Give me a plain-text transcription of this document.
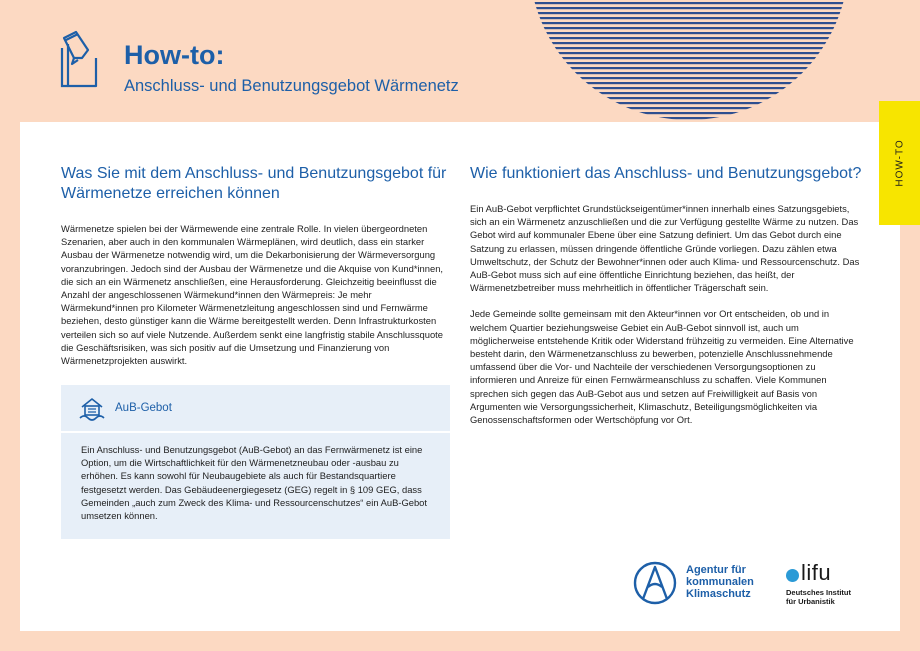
How-to:
Anschluss- und Benutzungsgebot Wärmenetz
HOW-TO
Was Sie mit dem Anschluss- und Benutzungsgebot für Wärmenetze erreichen können

Wärmenetze spielen bei der Wärmewende eine zentrale Rolle. In vielen übergeordneten Szenarien, aber auch in den kommunalen Wärmeplänen, wird deutlich, dass ein starker Ausbau der Wärmenetze notwendig wird, um die Dekarbonisierung der Wärmeversorgung voranzubringen. Jedoch sind der Ausbau der Wärmenetze und die Akquise von Kund*innen, die sich an ein Wärmenetz anschließen, eine Herausforderung. Gleichzeitig beeinflusst die Anzahl der angeschlossenen Wärmekund*innen den Wärmepreis: Je mehr Wärmekund*innen pro Kilometer Wärmenetzleitung angeschlossen sind und Fernwärme beziehen, desto günstiger kann die Wärme bereitgestellt werden. Denn Infrastrukturkosten verteilen sich so auf viele Nutzende. Außerdem senkt eine langfristig stabile Anschlussquote die Geschäftsrisiken, was sich positiv auf die Umsetzung und Finanzierung von Wärmenetzprojekten auswirkt.

AuB-Gebot
Ein Anschluss- und Benutzungsgebot (AuB-Gebot) an das Fernwärmenetz ist eine Option, um die Wirtschaftlichkeit für den Wärmenetzneubau oder -ausbau zu erhöhen. Es kann sowohl für Neubaugebiete als auch für Bestandsquartiere festgesetzt werden. Das Gebäudeenergiegesetz (GEG) regelt in § 109 GEG, dass Gemeinden „auch zum Zweck des Klima- und Ressourcenschutzes“ ein AuB-Gebot umsetzen können.
Wie funktioniert das Anschluss- und Benutzungsgebot?

Ein AuB-Gebot verpflichtet Grundstückseigentümer*innen innerhalb eines Satzungsgebiets, sich an ein Wärmenetz anzuschließen und die zur Verfügung gestellte Wärme zu nutzen. Das Gebot wird auf kommunaler Ebene über eine Satzung definiert. Um das Gebot durch eine Satzung zu erlassen, müssen dringende öffentliche Gründe vorliegen. Dazu zählen etwa Umweltschutz, der Schutz der Bewohner*innen oder auch Klima- und Ressourcenschutz. Das AuB-Gebot muss sich auf eine öffentliche Einrichtung beziehen, das heißt, der Wärmenetzbetreiber muss mehrheitlich in öffentlicher Trägerschaft sein.

Jede Gemeinde sollte gemeinsam mit den Akteur*innen vor Ort entscheiden, ob und in welchem Quartier beziehungsweise Gebiet ein AuB-Gebot sinnvoll ist, auch um möglicherweise entstehende Kritik oder Widerstand frühzeitig zu vermeiden. Eine Alternative besteht darin, den Wärmenetzanschluss zu bewerben, potenzielle Anschlussnehmende umfassend über die Vor- und Nachteile der verschiedenen Versorgungsoptionen zu informieren und Anreize für einen Fernwärmeanschluss zu schaffen. Viele Kommunen sprechen sich gegen das AuB-Gebot aus und setzen auf Freiwilligkeit auf Basis von Argumenten wie Versorgungssicherheit, Klimaschutz, Beteiligungsmöglichkeiten via Genossenschaftsformen oder Wertschöpfung vor Ort.

Agentur für
kommunalen
Klimaschutz
lifu
Deutsches Institut
für Urbanistik
